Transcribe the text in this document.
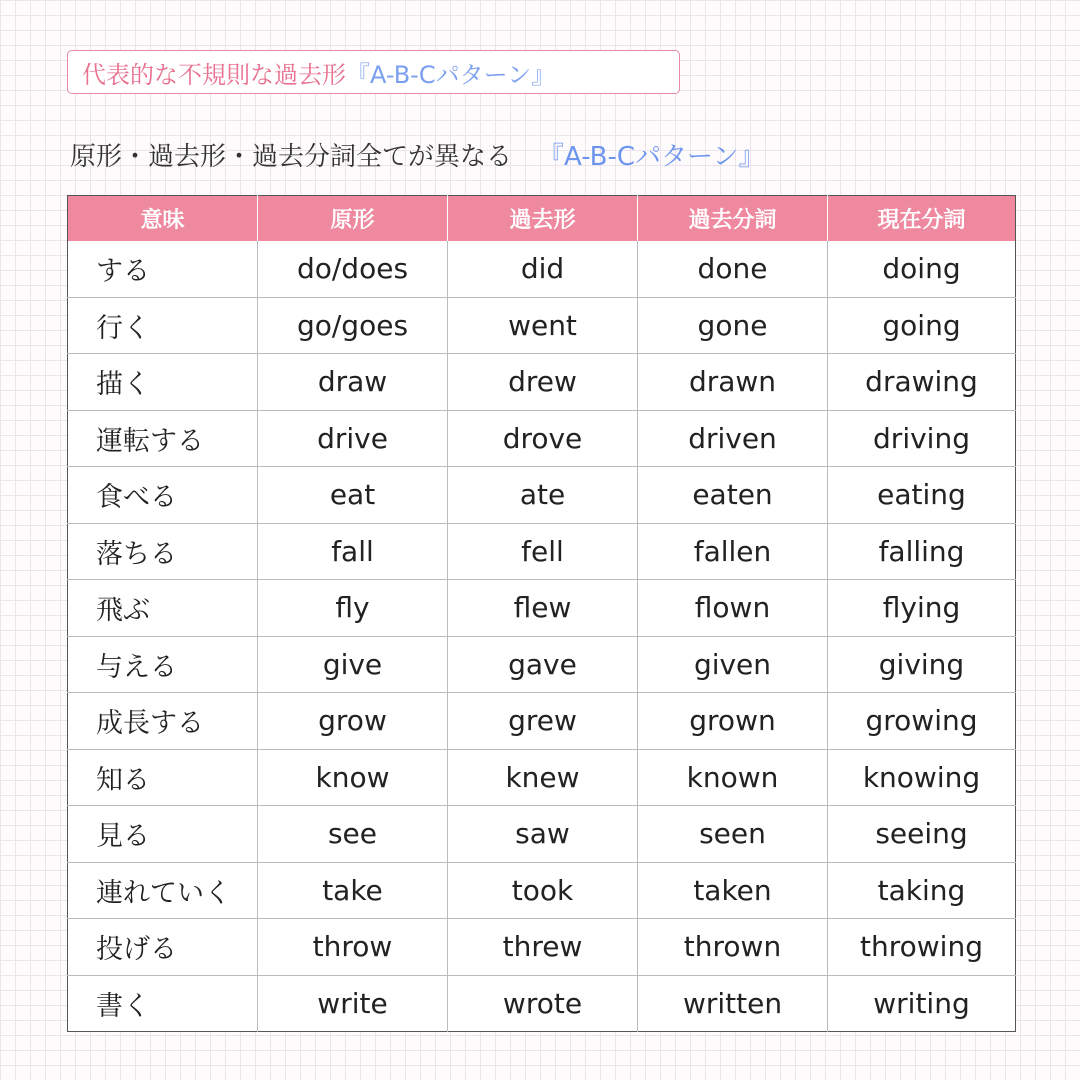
代表的な不規則な過去形 『A-B-Cパターン』
原形・過去形・過去分詞全てが異なる 『A-B-Cパターン』
意味	原形	過去形	過去分詞	現在分詞
する	do/does	did	done	doing
行く	go/goes	went	gone	going
描く	draw	drew	drawn	drawing
運転する	drive	drove	driven	driving
食べる	eat	ate	eaten	eating
落ちる	fall	fell	fallen	falling
飛ぶ	fly	flew	flown	flying
与える	give	gave	given	giving
成長する	grow	grew	grown	growing
知る	know	knew	known	knowing
見る	see	saw	seen	seeing
連れていく	take	took	taken	taking
投げる	throw	threw	thrown	throwing
書く	write	wrote	written	writing
